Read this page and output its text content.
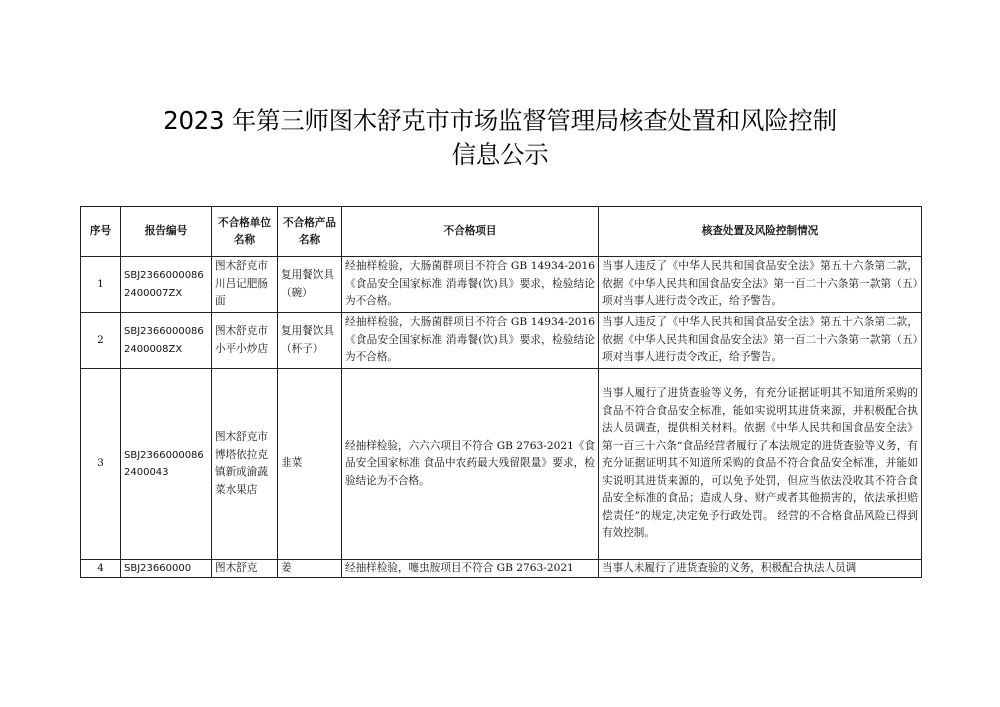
2023 年第三师图木舒克市市场监督管理局核查处置和风险控制
信息公示
序号	报告编号	不合格单位名称	不合格产品名称	不合格项目	核查处置及风险控制情况
1	SBJ23660000862400007ZX	图木舒克市川吕记肥肠面	复用餐饮具（碗）	经抽样检验，大肠菌群项目不符合 GB 14934-2016《食品安全国家标准 消毒餐(饮)具》要求，检验结论为不合格。	当事人违反了《中华人民共和国食品安全法》第五十六条第二款，依据《中华人民共和国食品安全法》第一百二十六条第一款第（五）项对当事人进行责令改正，给予警告。
2	SBJ23660000862400008ZX	图木舒克市小平小炒店	复用餐饮具（杯子）	经抽样检验，大肠菌群项目不符合 GB 14934-2016《食品安全国家标准 消毒餐(饮)具》要求，检验结论为不合格。	当事人违反了《中华人民共和国食品安全法》第五十六条第二款，依据《中华人民共和国食品安全法》第一百二十六条第一款第（五）项对当事人进行责令改正，给予警告。
3	SBJ23660000862400043	图木舒克市博塔依拉克镇新成渝蔬菜水果店	韭菜	经抽样检验，六六六项目不符合 GB 2763-2021《食品安全国家标准 食品中农药最大残留限量》要求，检验结论为不合格。	当事人履行了进货查验等义务，有充分证据证明其不知道所采购的食品不符合食品安全标准，能如实说明其进货来源，并积极配合执法人员调查，提供相关材料。依据《中华人民共和国食品安全法》第一百三十六条“食品经营者履行了本法规定的进货查验等义务，有充分证据证明其不知道所采购的食品不符合食品安全标准，并能如实说明其进货来源的，可以免予处罚，但应当依法没收其不符合食品安全标准的食品；造成人身、财产或者其他损害的，依法承担赔偿责任”的规定,决定免予行政处罚。 经营的不合格食品风险已得到有效控制。
4	SBJ23660000	图木舒克	姜	经抽样检验，噻虫胺项目不符合 GB 2763-2021	当事人未履行了进货查验的义务，积极配合执法人员调
